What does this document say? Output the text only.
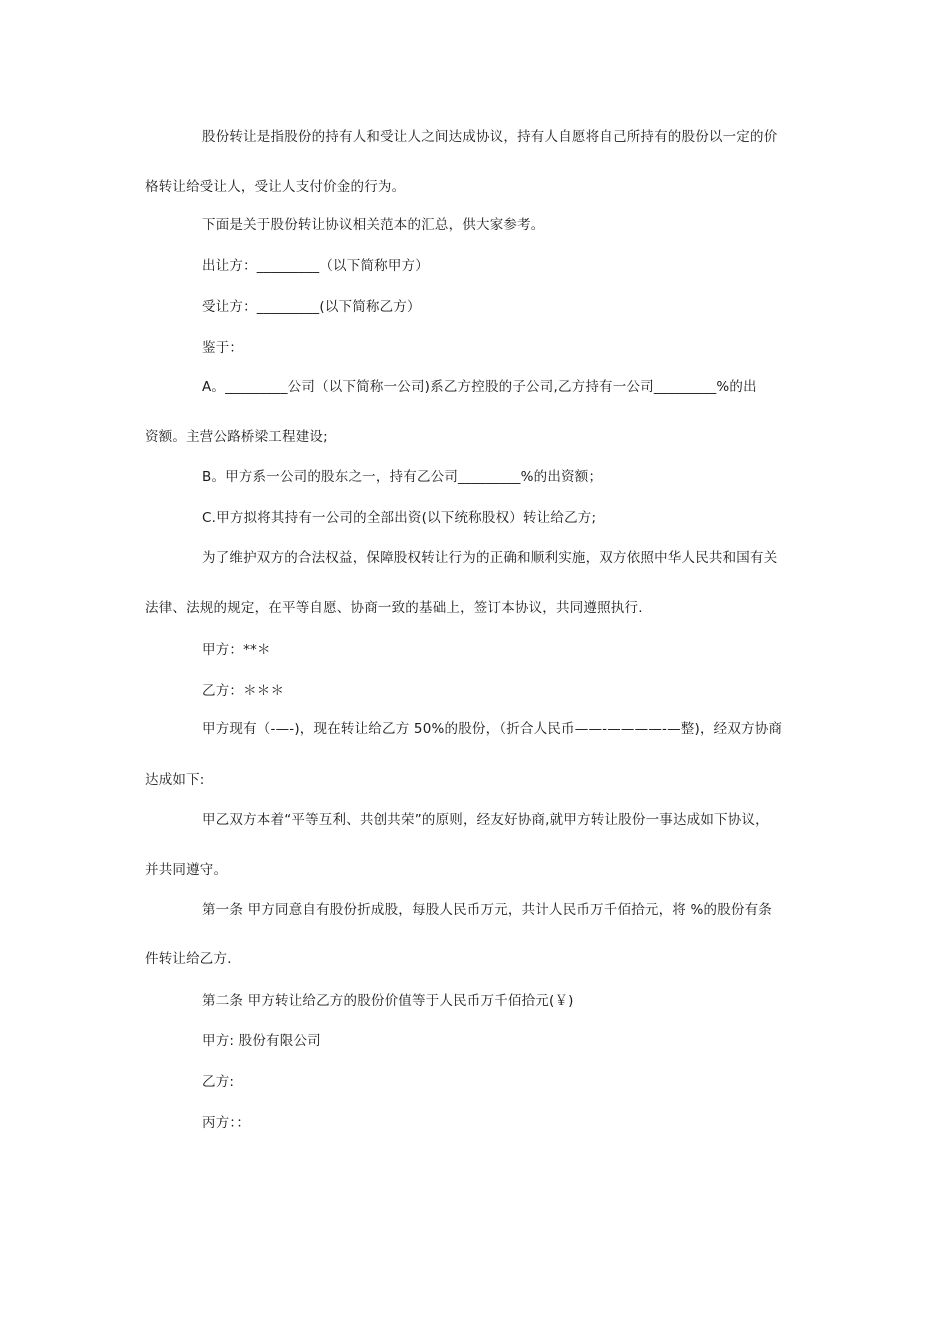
股份转让是指股份的持有人和受让人之间达成协议，持有人自愿将自己所持有的股份以一定的价
格转让给受让人，受让人支付价金的行为。
下面是关于股份转让协议相关范本的汇总，供大家参考。
出让方：_________（以下简称甲方）
受让方：_________(以下简称乙方）
鉴于：
A。_________公司（以下简称一公司)系乙方控股的子公司,乙方持有一公司_________%的出
资额。主营公路桥梁工程建设;
B。甲方系一公司的股东之一，持有乙公司_________%的出资额；
C.甲方拟将其持有一公司的全部出资(以下统称股权）转让给乙方;
为了维护双方的合法权益，保障股权转让行为的正确和顺利实施，双方依照中华人民共和国有关
法律、法规的规定，在平等自愿、协商一致的基础上，签订本协议，共同遵照执行.
甲方：**＊
乙方：＊＊＊
甲方现有（-—-)，现在转让给乙方 50%的股份，（折合人民币——-————-—整)，经双方协商
达成如下:
甲乙双方本着“平等互利、共创共荣”的原则，经友好协商,就甲方转让股份一事达成如下协议，
并共同遵守。
第一条 甲方同意自有股份折成股，每股人民币万元，共计人民币万千佰拾元，将 %的股份有条
件转让给乙方.
第二条 甲方转让给乙方的股份价值等于人民币万千佰拾元(￥)
甲方: 股份有限公司
乙方:
丙方：：
